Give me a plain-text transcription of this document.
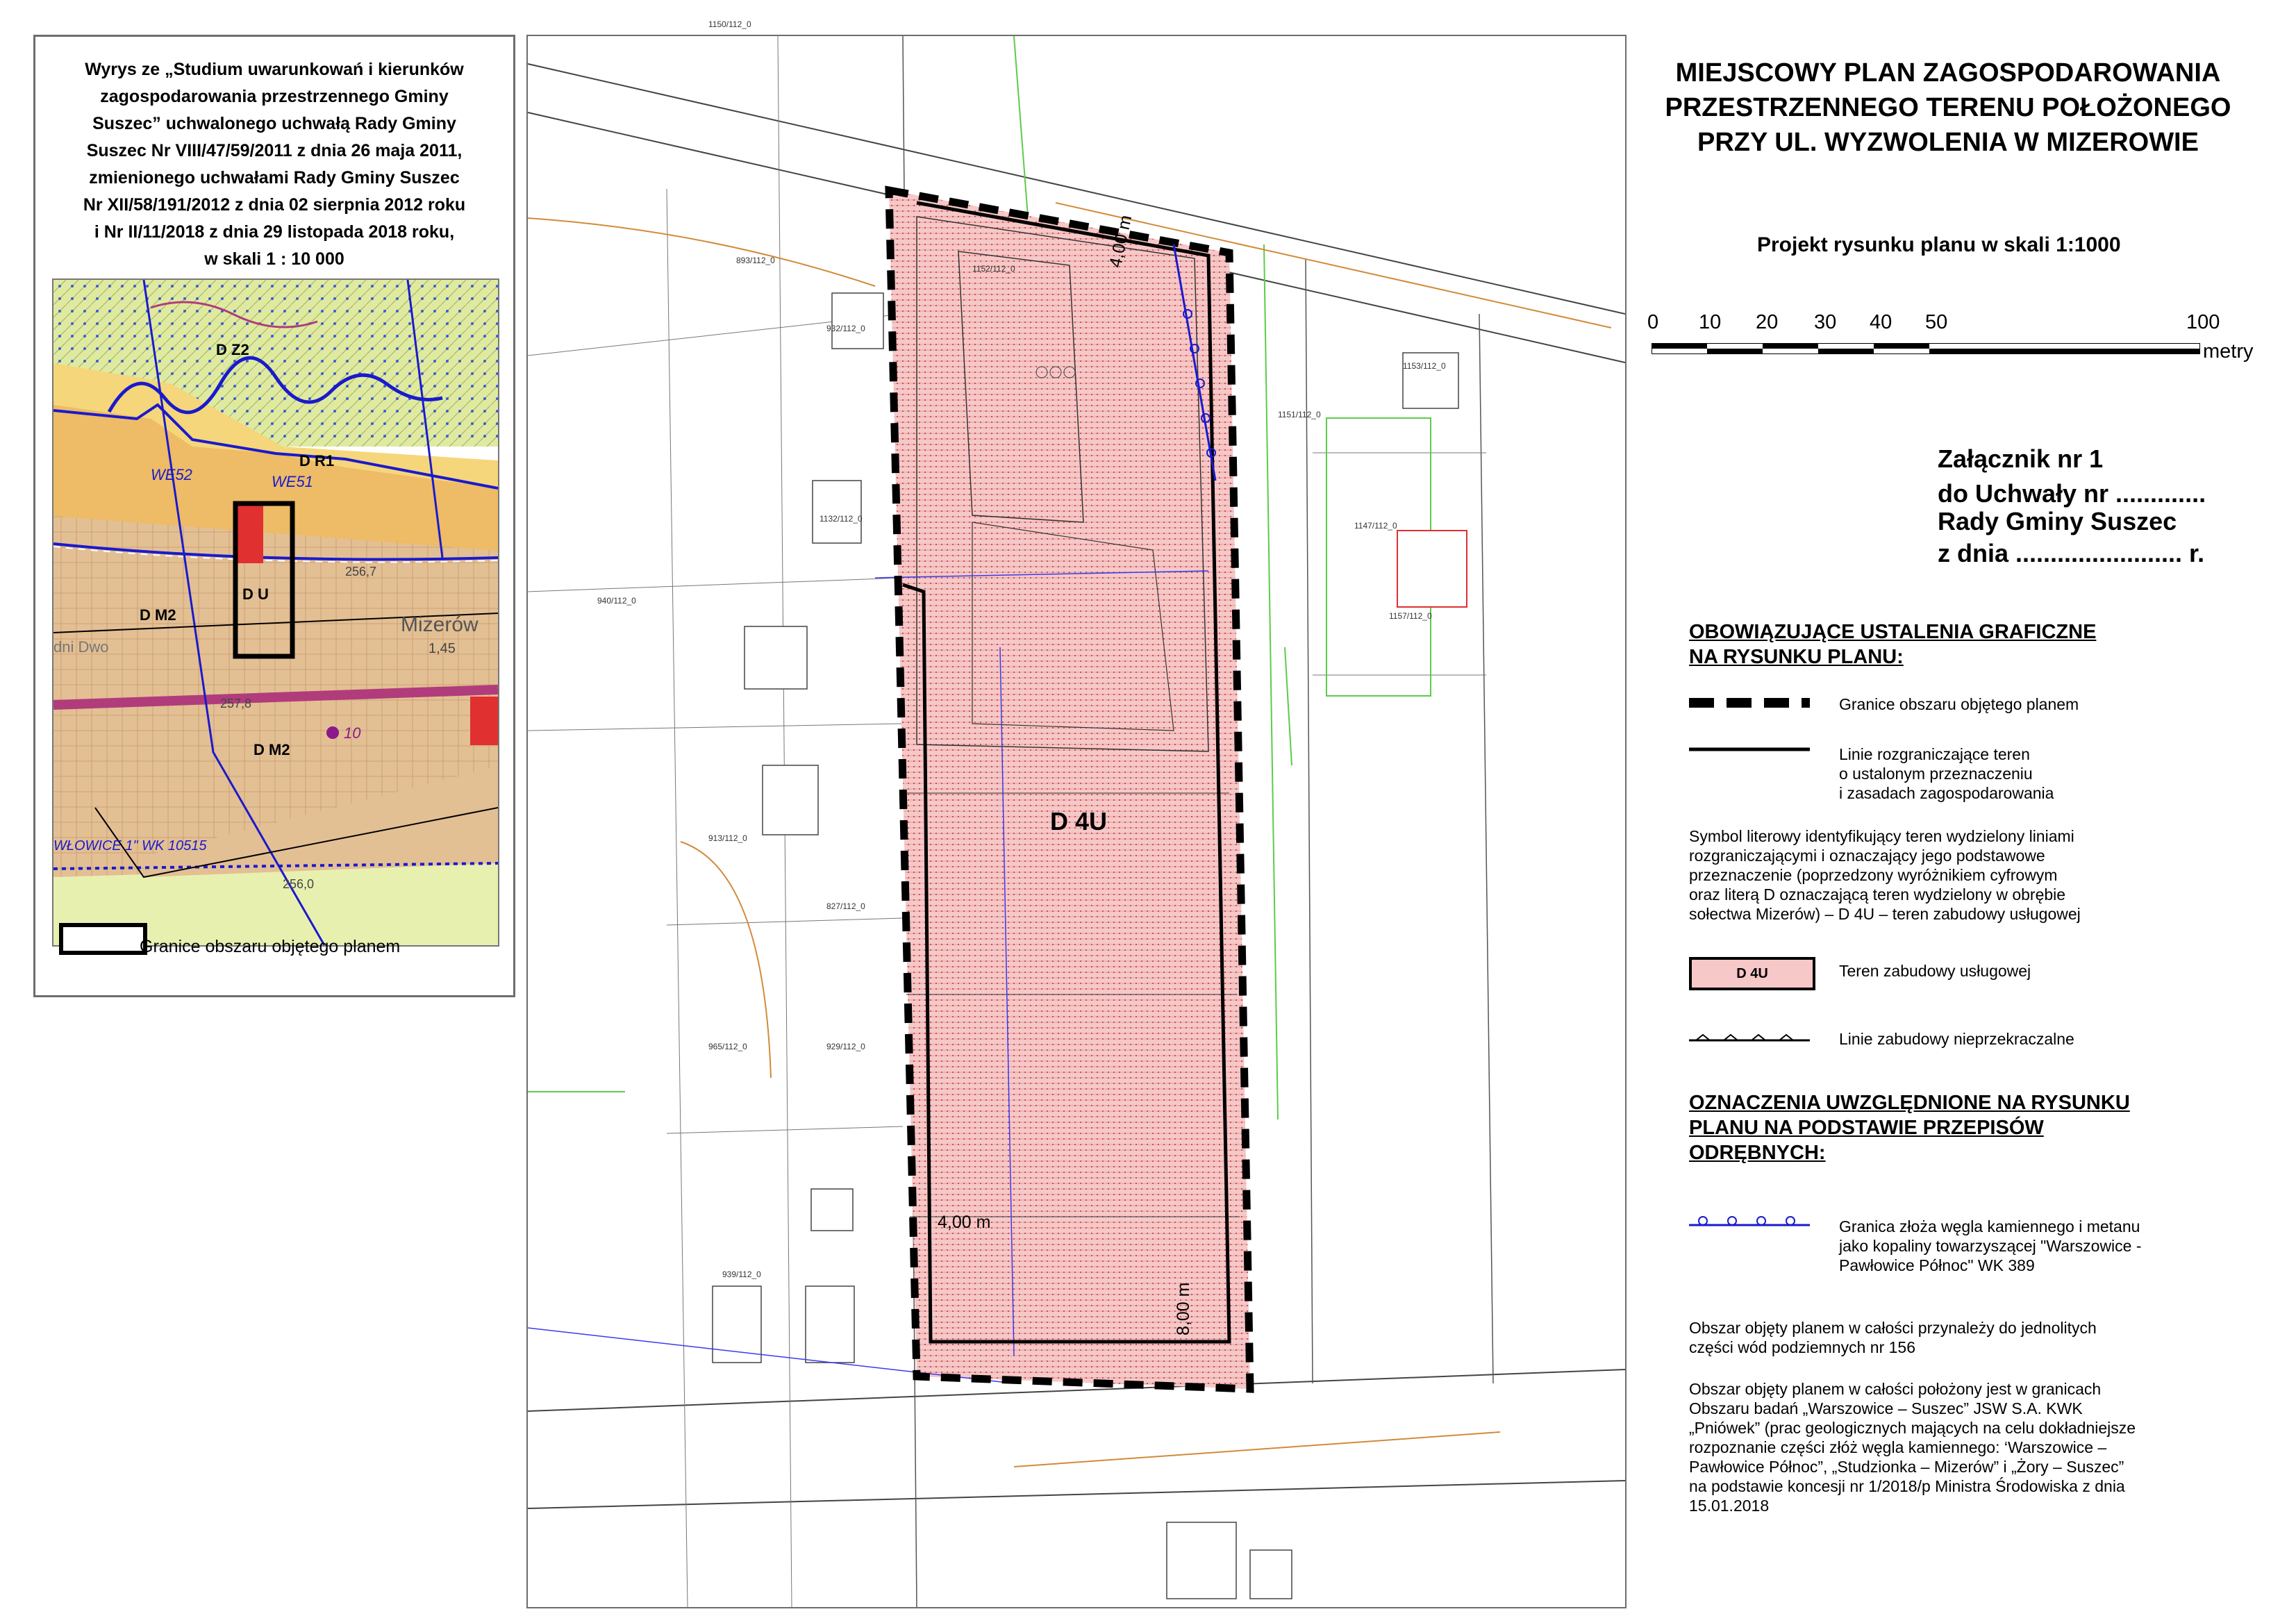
Wyrys ze „Studium uwarunkowań i kierunków
zagospodarowania przestrzennego Gminy
Suszec” uchwalonego uchwałą Rady Gminy
Suszec Nr VIII/47/59/2011 z dnia 26 maja 2011,
zmienionego uchwałami Rady Gminy Suszec
Nr XII/58/191/2012 z dnia 02 sierpnia 2012 roku
i Nr II/11/2018 z dnia 29 listopada 2018 roku,
w skali 1 : 10 000
D Z2
D R1
WE52	WE51
D U
D M2
D M2
Mizerów
256,7
257,8
256,0
1,45
10
dni Dwo
WŁOWICE 1" WK 10515
Granice obszaru objętego planem
D 4U
4,00 m
4,00 m
8,00 m
MIEJSCOWY PLAN ZAGOSPODAROWANIA
PRZESTRZENNEGO TERENU POŁOŻONEGO
PRZY UL. WYZWOLENIA W MIZEROWIE
Projekt rysunku planu w skali 1:1000
0 10 20 30 40 50	100
metry
Załącznik nr 1
do Uchwały nr .............
Rady Gminy Suszec
z dnia ........................ r.
OBOWIĄZUJĄCE USTALENIA GRAFICZNE
NA RYSUNKU PLANU:
Granice obszaru objętego planem
Linie rozgraniczające teren
o ustalonym przeznaczeniu
i zasadach zagospodarowania
Symbol literowy identyfikujący teren wydzielony liniami
rozgraniczającymi i oznaczający jego podstawowe
przeznaczenie (poprzedzony wyróżnikiem cyfrowym
oraz literą D oznaczającą teren wydzielony w obrębie
sołectwa Mizerów) – D 4U – teren zabudowy usługowej
D 4U	Teren zabudowy usługowej
Linie zabudowy nieprzekraczalne
OZNACZENIA UWZGLĘDNIONE NA RYSUNKU
PLANU NA PODSTAWIE PRZEPISÓW
ODRĘBNYCH:
Granica złoża węgla kamiennego i metanu
jako kopaliny towarzyszącej "Warszowice -
Pawłowice Północ" WK 389
Obszar objęty planem w całości przynależy do jednolitych
części wód podziemnych nr 156
Obszar objęty planem w całości położony jest w granicach
Obszaru badań „Warszowice – Suszec” JSW S.A. KWK
„Pniówek” (prac geologicznych mających na celu dokładniejsze
rozpoznanie części złóż węgla kamiennego: ‘Warszowice –
Pawłowice Północ”, „Studzionka – Mizerów” i „Żory – Suszec”
na podstawie koncesji nr 1/2018/p Ministra Środowiska z dnia
15.01.2018
1150/112_0
1152/112_0
1153/112_0
1151/112_0
1147/112_0
1157/112_0
893/112_0
932/112_0
940/112_0
827/112_0
1132/112_0
913/112_0
965/112_0	929/112_0
939/112_0
